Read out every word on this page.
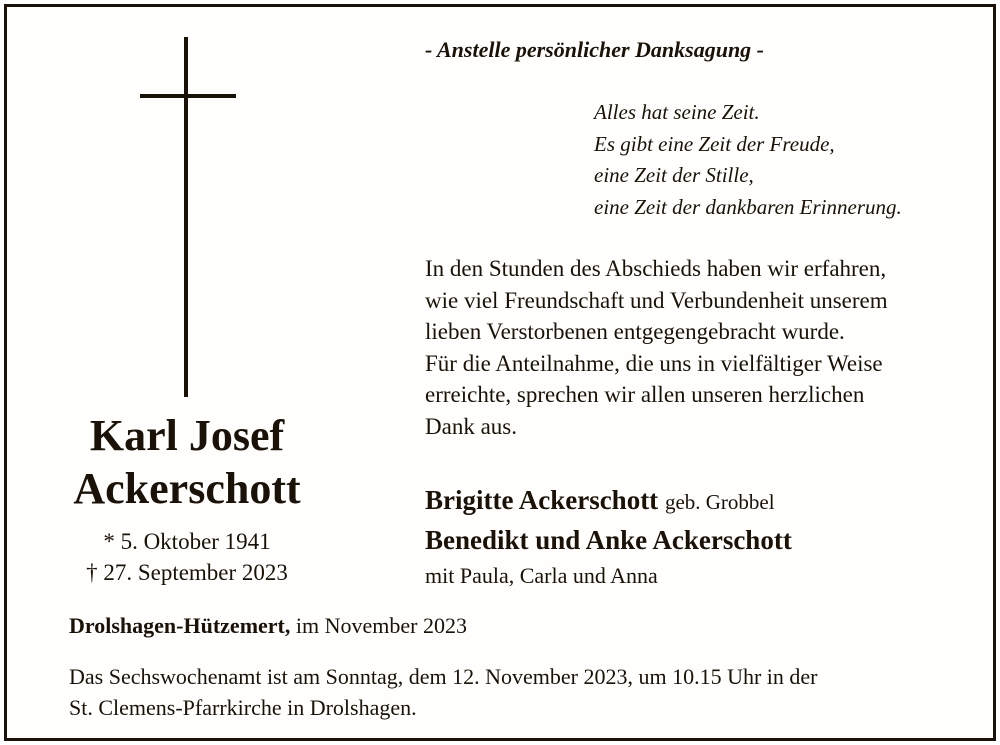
Karl Josef
Ackerschott
* 5. Oktober 1941
† 27. September 2023
- Anstelle persönlicher Danksagung -
Alles hat seine Zeit.
Es gibt eine Zeit der Freude,
eine Zeit der Stille,
eine Zeit der dankbaren Erinnerung.
In den Stunden des Abschieds haben wir erfahren,
wie viel Freundschaft und Verbundenheit unserem
lieben Verstorbenen entgegengebracht wurde.
Für die Anteilnahme, die uns in vielfältiger Weise
erreichte, sprechen wir allen unseren herzlichen
Dank aus.
Brigitte Ackerschott geb. Grobbel
Benedikt und Anke Ackerschott
mit Paula, Carla und Anna
Drolshagen-Hützemert, im November 2023
Das Sechswochenamt ist am Sonntag, dem 12. November 2023, um 10.15 Uhr in der
St. Clemens-Pfarrkirche in Drolshagen.
